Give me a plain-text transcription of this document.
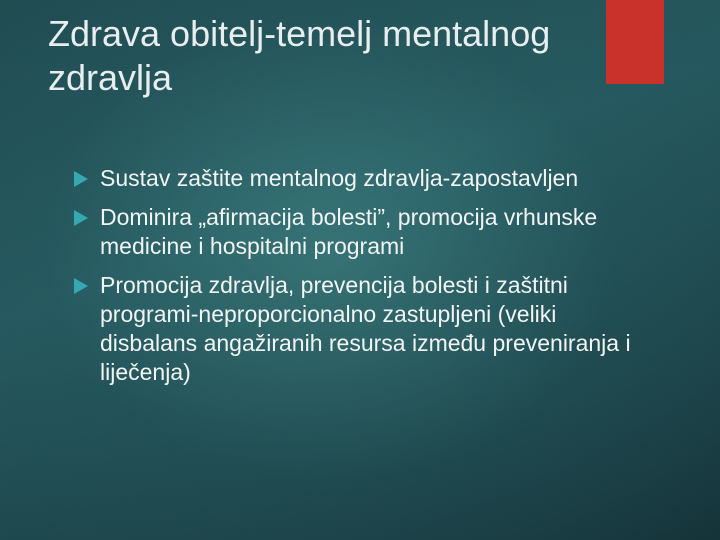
Zdrava obitelj-temelj mentalnog zdravlja
Sustav zaštite mentalnog zdravlja-zapostavljen
Dominira „afirmacija bolesti”, promocija vrhunske medicine i hospitalni programi
Promocija zdravlja, prevencija bolesti i zaštitni programi-neproporcionalno zastupljeni (veliki disbalans angažiranih resursa između preveniranja i liječenja)
